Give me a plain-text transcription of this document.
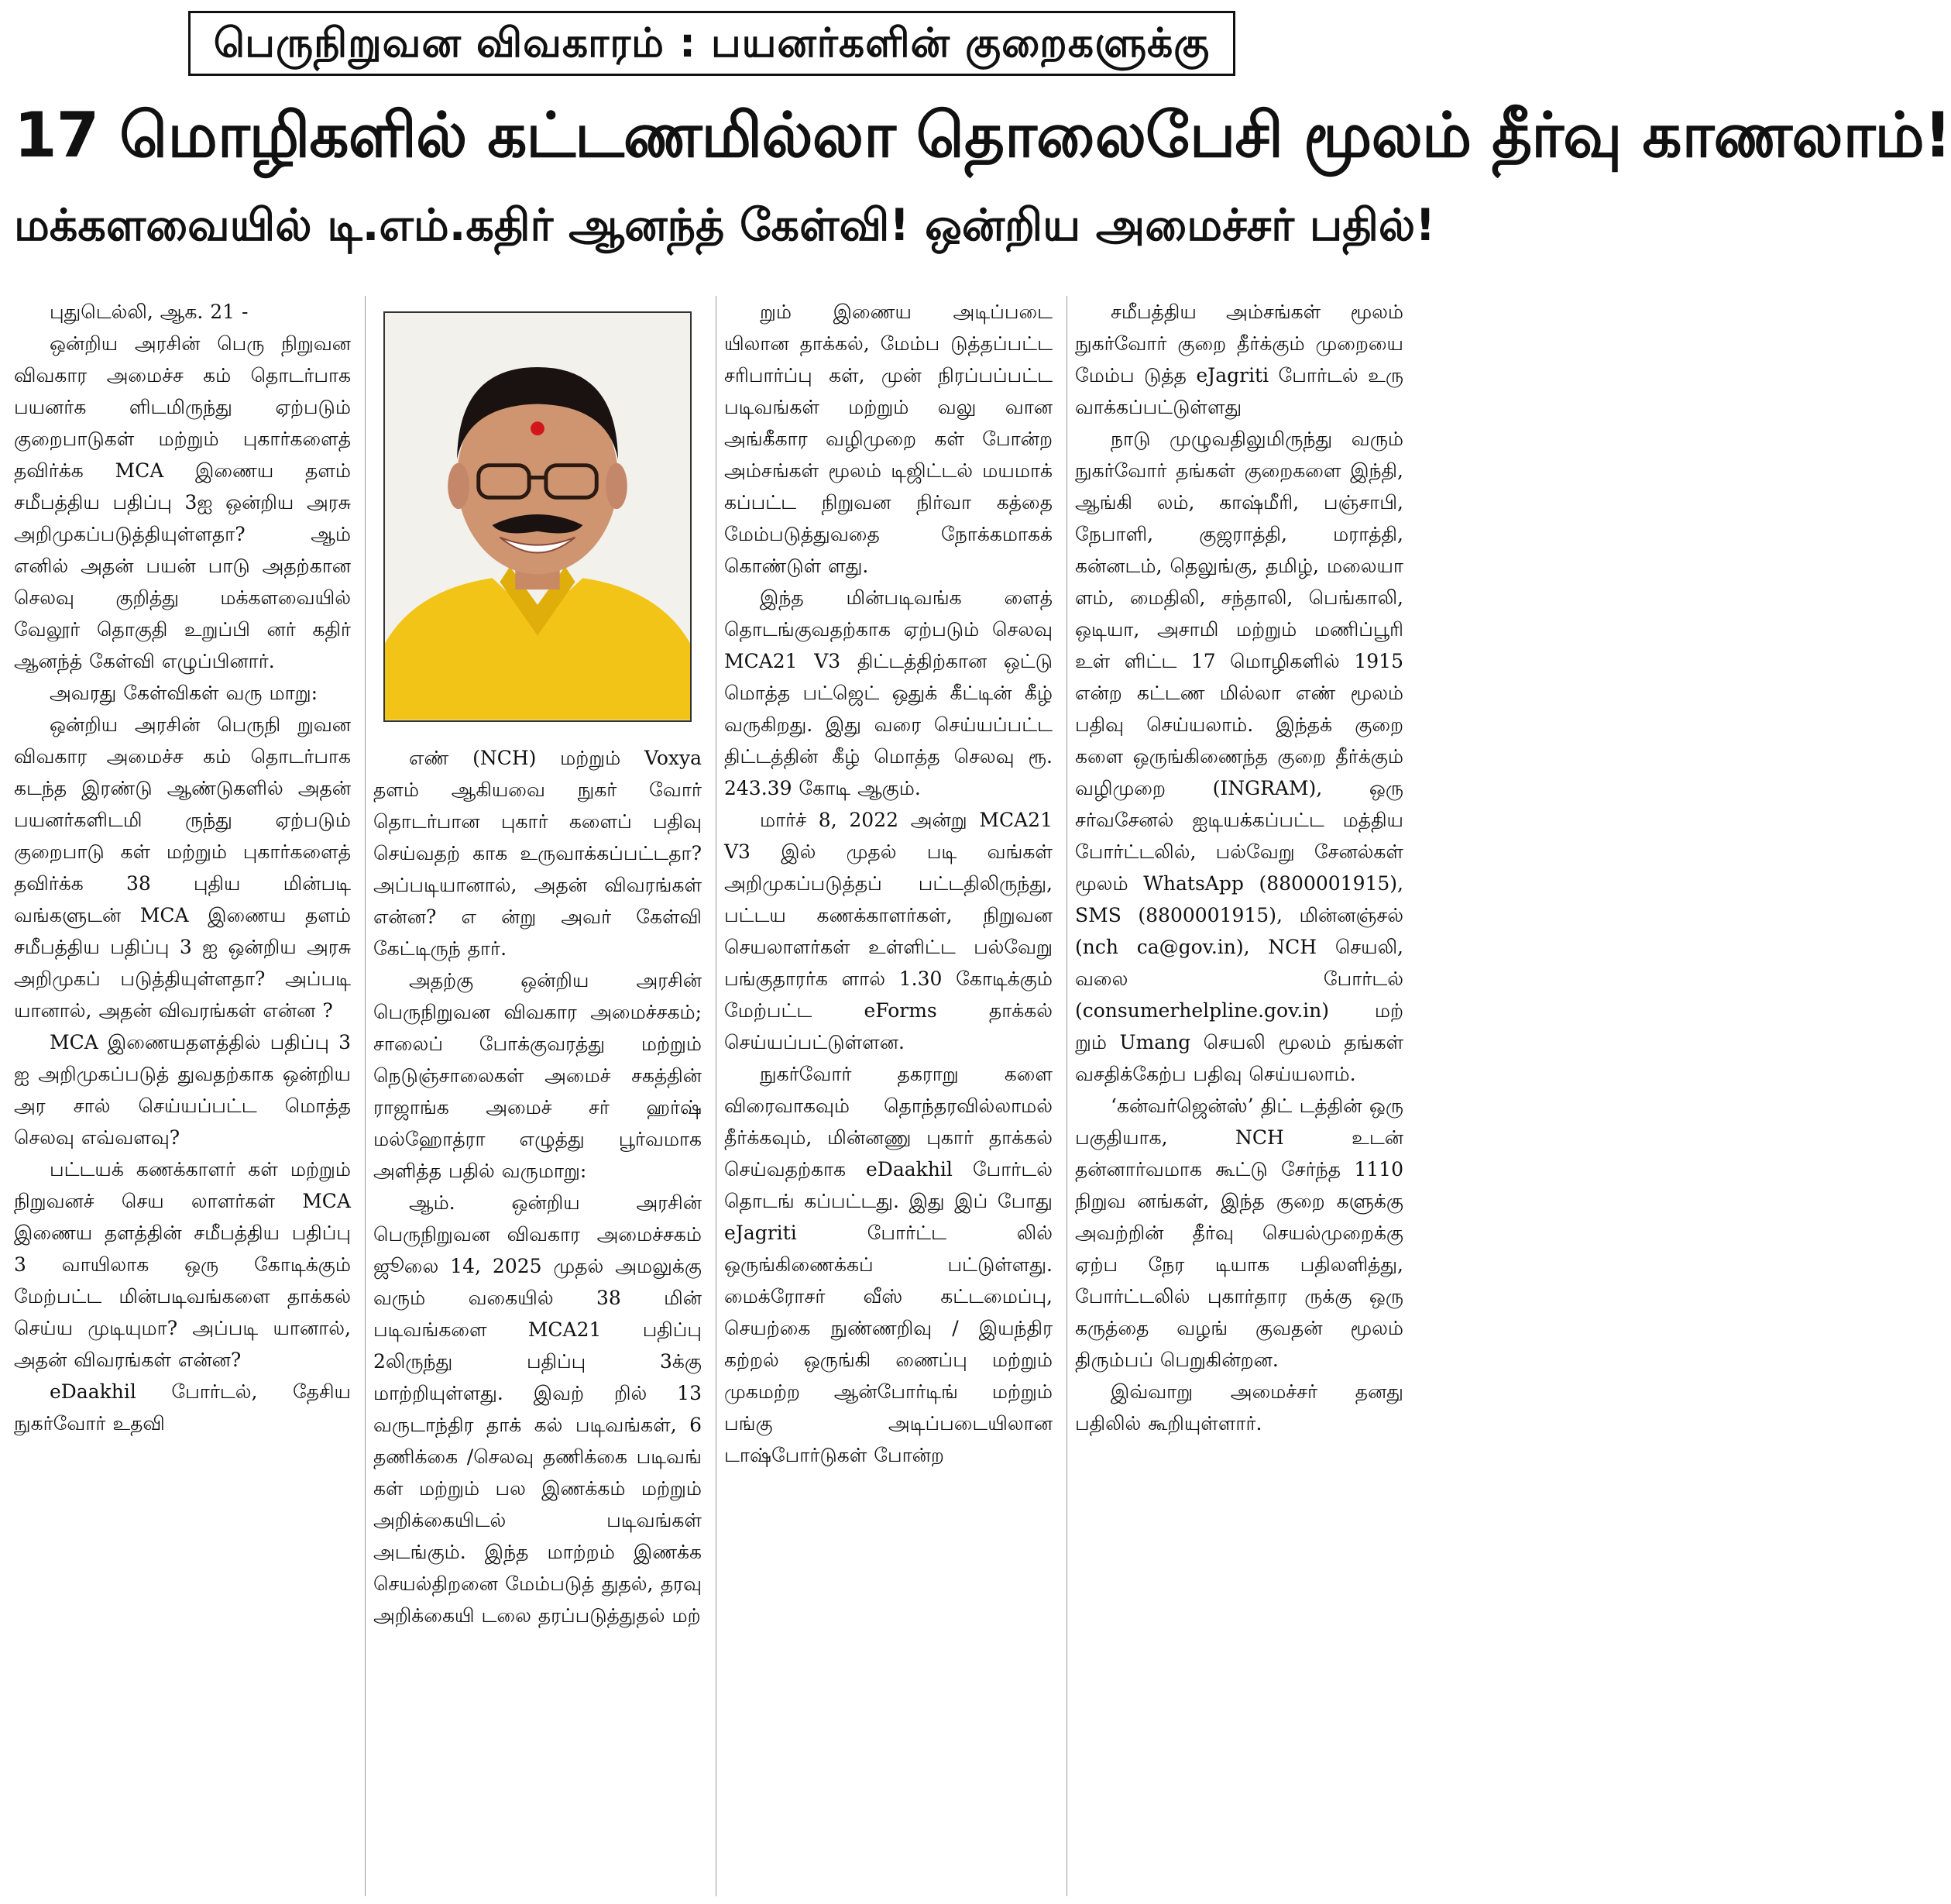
பெருநிறுவன விவகாரம் : பயனர்களின் குறைகளுக்கு
17 மொழிகளில் கட்டணமில்லா தொலைபேசி மூலம் தீர்வு காணலாம்!
மக்களவையில் டி.எம்.கதிர் ஆனந்த் கேள்வி! ஒன்றிய அமைச்சர் பதில்!

புதுடெல்லி, ஆக. 21 -

ஒன்றிய அரசின் பெரு நிறுவன விவகார அமைச்ச கம் தொடர்பாக பயனர்க ளிடமிருந்து ஏற்படும் குறைபாடுகள் மற்றும் புகார்களைத் தவிர்க்க MCA இணைய தளம் சமீபத்திய பதிப்பு 3ஐ ஒன்றிய அரசு அறிமுகப்படுத்தியுள்ளதா? ஆம் எனில் அதன் பயன் பாடு அதற்கான செலவு குறித்து மக்களவையில் வேலூர் தொகுதி உறுப்பி னர் கதிர் ஆனந்த் கேள்வி எழுப்பினார்.

அவரது கேள்விகள் வரு மாறு:

ஒன்றிய அரசின் பெருநி றுவன விவகார அமைச்ச கம் தொடர்பாக கடந்த இரண்டு ஆண்டுகளில் அதன் பயனர்களிடமி ருந்து ஏற்படும் குறைபாடு கள் மற்றும் புகார்களைத் தவிர்க்க 38 புதிய மின்படி வங்களுடன் MCA இணைய தளம் சமீபத்திய பதிப்பு 3 ஐ ஒன்றிய அரசு அறிமுகப் படுத்தியுள்ளதா? அப்படி யானால், அதன் விவரங்கள் என்ன ?

MCA இணையதளத்தில் பதிப்பு 3 ஐ அறிமுகப்படுத் துவதற்காக ஒன்றிய அர சால் செய்யப்பட்ட மொத்த செலவு எவ்வளவு?

பட்டயக் கணக்காளர் கள் மற்றும் நிறுவனச் செய லாளர்கள் MCA இணைய தளத்தின் சமீபத்திய பதிப்பு 3 வாயிலாக ஒரு கோடிக்கும் மேற்பட்ட மின்படிவங்களை தாக்கல் செய்ய முடியுமா? அப்படி யானால், அதன் விவரங்கள் என்ன?

eDaakhil போர்டல், தேசிய நுகர்வோர் உதவி

எண் (NCH) மற்றும் Voxya தளம் ஆகியவை நுகர் வோர் தொடர்பான புகார் களைப் பதிவு செய்வதற் காக உருவாக்கப்பட்டதா? அப்படியானால், அதன் விவரங்கள் என்ன? எ ன்று அவர் கேள்வி கேட்டிருந் தார்.

அதற்கு ஒன்றிய அரசின் பெருநிறுவன விவகார அமைச்சகம்; சாலைப் போக்குவரத்து மற்றும் நெடுஞ்சாலைகள் அமைச் சகத்தின் ராஜாங்க அமைச் சர் ஹர்ஷ் மல்ஹோத்ரா எழுத்து பூர்வமாக அளித்த பதில் வருமாறு:

ஆம். ஒன்றிய அரசின் பெருநிறுவன விவகார அமைச்சகம் ஜூலை 14, 2025 முதல் அமலுக்கு வரும் வகையில் 38 மின் படிவங்களை MCA21 பதிப்பு 2லிருந்து பதிப்பு 3க்கு மாற்றியுள்ளது. இவற் றில் 13 வருடாந்திர தாக் கல் படிவங்கள், 6 தணிக்கை /செலவு தணிக்கை படிவங் கள் மற்றும் பல இணக்கம் மற்றும் அறிக்கையிடல் படிவங்கள் அடங்கும். இந்த மாற்றம் இணக்க செயல்திறனை மேம்படுத் துதல், தரவு அறிக்கையி டலை தரப்படுத்துதல் மற்

றும் இணைய அடிப்படை யிலான தாக்கல், மேம்ப டுத்தப்பட்ட சரிபார்ப்பு கள், முன் நிரப்பப்பட்ட படிவங்கள் மற்றும் வலு வான அங்கீகார வழிமுறை கள் போன்ற அம்சங்கள் மூலம் டிஜிட்டல் மயமாக் கப்பட்ட நிறுவன நிர்வா கத்தை மேம்படுத்துவதை நோக்கமாகக் கொண்டுள் ளது.

இந்த மின்படிவங்க ளைத் தொடங்குவதற்காக ஏற்படும் செலவு MCA21 V3 திட்டத்திற்கான ஒட்டு மொத்த பட்ஜெட் ஒதுக் கீட்டின் கீழ் வருகிறது. இது வரை செய்யப்பட்ட திட்டத்தின் கீழ் மொத்த செலவு ரூ. 243.39 கோடி ஆகும்.

மார்ச் 8, 2022 அன்று MCA21 V3 இல் முதல் படி வங்கள் அறிமுகப்படுத்தப் பட்டதிலிருந்து, பட்டய கணக்காளர்கள், நிறுவன செயலாளர்கள் உள்ளிட்ட பல்வேறு பங்குதாரர்க ளால் 1.30 கோடிக்கும் மேற்பட்ட eForms தாக்கல் செய்யப்பட்டுள்ளன.

நுகர்வோர் தகராறு களை விரைவாகவும் தொந்தரவில்லாமல் தீர்க்கவும், மின்னணு புகார் தாக்கல் செய்வதற்காக eDaakhil போர்டல் தொடங் கப்பட்டது. இது இப் போது eJagriti போர்ட்ட லில் ஒருங்கிணைக்கப் பட்டுள்ளது. மைக்ரோசர் வீஸ் கட்டமைப்பு, செயற்கை நுண்ணறிவு / இயந்திர கற்றல் ஒருங்கி ணைப்பு மற்றும் முகமற்ற ஆன்போர்டிங் மற்றும் பங்கு அடிப்படையிலான டாஷ்போர்டுகள் போன்ற

சமீபத்திய அம்சங்கள் மூலம் நுகர்வோர் குறை தீர்க்கும் முறையை மேம்ப டுத்த eJagriti போர்டல் உரு வாக்கப்பட்டுள்ளது

நாடு முழுவதிலுமிருந்து வரும் நுகர்வோர் தங்கள் குறைகளை இந்தி, ஆங்கி லம், காஷ்மீரி, பஞ்சாபி, நேபாளி, குஜராத்தி, மராத்தி, கன்னடம், தெலுங்கு, தமிழ், மலையா ளம், மைதிலி, சந்தாலி, பெங்காலி, ஒடியா, அசாமி மற்றும் மணிப்பூரி உள் ளிட்ட 17 மொழிகளில் 1915 என்ற கட்டண மில்லா எண் மூலம் பதிவு செய்யலாம். இந்தக் குறை களை ஒருங்கிணைந்த குறை தீர்க்கும் வழிமுறை (INGRAM), ஒரு சர்வசேனல் ஐடியக்கப்பட்ட மத்திய போர்ட்டலில், பல்வேறு சேனல்கள் மூலம் WhatsApp (8800001915), SMS (8800001915), மின்னஞ்சல் (nch ca@gov.in), NCH செயலி, வலை போர்டல் (consumerhelpline.gov.in) மற் றும் Umang செயலி மூலம் தங்கள் வசதிக்கேற்ப பதிவு செய்யலாம்.

‘கன்வர்ஜென்ஸ்’ திட் டத்தின் ஒரு பகுதியாக, NCH உடன் தன்னார்வமாக கூட்டு சேர்ந்த 1110 நிறுவ னங்கள், இந்த குறை களுக்கு அவற்றின் தீர்வு செயல்முறைக்கு ஏற்ப நேர டியாக பதிலளித்து, போர்ட்டலில் புகார்தார ருக்கு ஒரு கருத்தை வழங் குவதன் மூலம் திரும்பப் பெறுகின்றன.

இவ்வாறு அமைச்சர் தனது பதிலில் கூறியுள்ளார்.
